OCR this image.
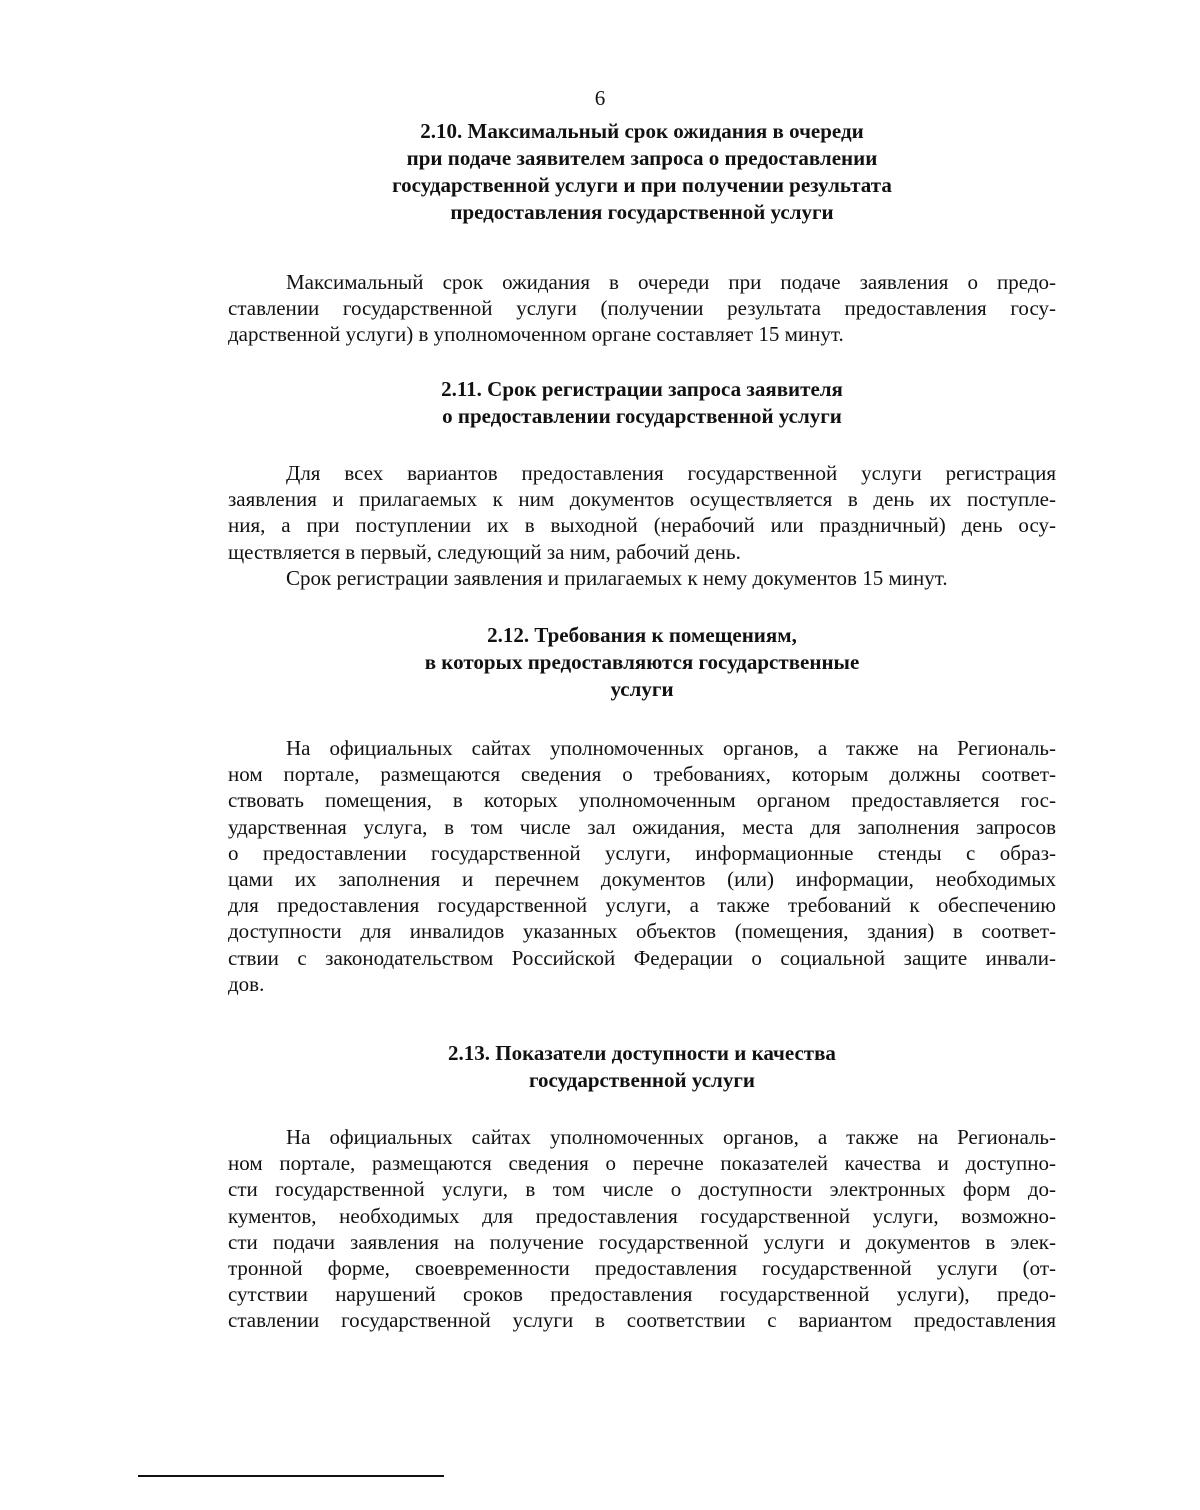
6
2.10. Максимальный срок ожидания в очереди
при подаче заявителем запроса о предоставлении
государственной услуги и при получении результата
предоставления государственной услуги
Максимальный срок ожидания в очереди при подаче заявления о предо-
ставлении государственной услуги (получении результата предоставления госу-
дарственной услуги) в уполномоченном органе составляет 15 минут.
2.11. Срок регистрации запроса заявителя
о предоставлении государственной услуги
Для всех вариантов предоставления государственной услуги регистрация
заявления и прилагаемых к ним документов осуществляется в день их поступле-
ния, а при поступлении их в выходной (нерабочий или праздничный) день осу-
ществляется в первый, следующий за ним, рабочий день.
Срок регистрации заявления и прилагаемых к нему документов 15 минут.
2.12. Требования к помещениям,
в которых предоставляются государственные
услуги
На официальных сайтах уполномоченных органов, а также на Региональ-
ном портале, размещаются сведения о требованиях, которым должны соответ-
ствовать помещения, в которых уполномоченным органом предоставляется гос-
ударственная услуга, в том числе зал ожидания, места для заполнения запросов
о предоставлении государственной услуги, информационные стенды с образ-
цами их заполнения и перечнем документов (или) информации, необходимых
для предоставления государственной услуги, а также требований к обеспечению
доступности для инвалидов указанных объектов (помещения, здания) в соответ-
ствии с законодательством Российской Федерации о социальной защите инвали-
дов.
2.13. Показатели доступности и качества
государственной услуги
На официальных сайтах уполномоченных органов, а также на Региональ-
ном портале, размещаются сведения о перечне показателей качества и доступно-
сти государственной услуги, в том числе о доступности электронных форм до-
кументов, необходимых для предоставления государственной услуги, возможно-
сти подачи заявления на получение государственной услуги и документов в элек-
тронной форме, своевременности предоставления государственной услуги (от-
сутствии нарушений сроков предоставления государственной услуги), предо-
ставлении государственной услуги в соответствии с вариантом предоставления
